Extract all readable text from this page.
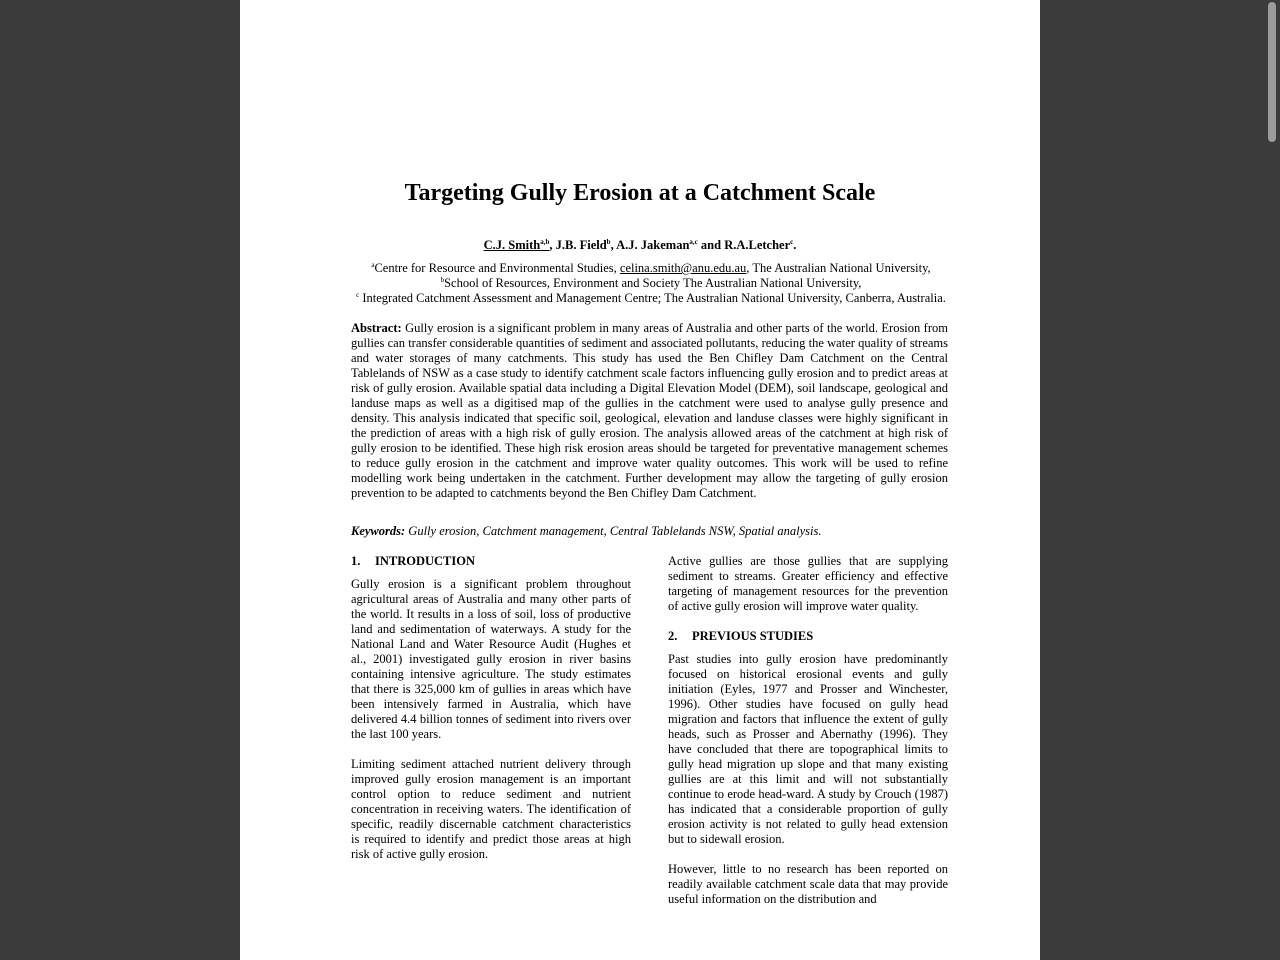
Targeting Gully Erosion at a Catchment Scale
C.J. Smith$^{a,b}$, J.B. Field$^b$, A.J. Jakeman$^{a,c}$ and R.A.Letcher$^c$.
$^a$Centre for Resource and Environmental Studies, celina.smith@anu.edu.au, The Australian National University,
$^b$School of Resources, Environment and Society The Australian National University,
$^c$ Integrated Catchment Assessment and Management Centre; The Australian National University, Canberra, Australia.

Abstract: Gully erosion is a significant problem in many areas of Australia and other parts of the world. Erosion from gullies can transfer considerable quantities of sediment and associated pollutants, reducing the water quality of streams and water storages of many catchments. This study has used the Ben Chifley Dam Catchment on the Central Tablelands of NSW as a case study to identify catchment scale factors influencing gully erosion and to predict areas at risk of gully erosion. Available spatial data including a Digital Elevation Model (DEM), soil landscape, geological and landuse maps as well as a digitised map of the gullies in the catchment were used to analyse gully presence and density. This analysis indicated that specific soil, geological, elevation and landuse classes were highly significant in the prediction of areas with a high risk of gully erosion. The analysis allowed areas of the catchment at high risk of gully erosion to be identified. These high risk erosion areas should be targeted for preventative management schemes to reduce gully erosion in the catchment and improve water quality outcomes. This work will be used to refine modelling work being undertaken in the catchment. Further development may allow the targeting of gully erosion prevention to be adapted to catchments beyond the Ben Chifley Dam Catchment.

Keywords: Gully erosion, Catchment management, Central Tablelands NSW, Spatial analysis.

1. INTRODUCTION

Gully erosion is a significant problem throughout agricultural areas of Australia and many other parts of the world. It results in a loss of soil, loss of productive land and sedimentation of waterways. A study for the National Land and Water Resource Audit (Hughes et al., 2001) investigated gully erosion in river basins containing intensive agriculture. The study estimates that there is 325,000 km of gullies in areas which have been intensively farmed in Australia, which have delivered 4.4 billion tonnes of sediment into rivers over the last 100 years.

Limiting sediment attached nutrient delivery through improved gully erosion management is an important control option to reduce sediment and nutrient concentration in receiving waters. The identification of specific, readily discernable catchment characteristics is required to identify and predict those areas at high risk of active gully erosion.

Active gullies are those gullies that are supplying sediment to streams. Greater efficiency and effective targeting of management resources for the prevention of active gully erosion will improve water quality.

2. PREVIOUS STUDIES

Past studies into gully erosion have predominantly focused on historical erosional events and gully initiation (Eyles, 1977 and Prosser and Winchester, 1996). Other studies have focused on gully head migration and factors that influence the extent of gully heads, such as Prosser and Abernathy (1996). They have concluded that there are topographical limits to gully head migration up slope and that many existing gullies are at this limit and will not substantially continue to erode head-ward. A study by Crouch (1987) has indicated that a considerable proportion of gully erosion activity is not related to gully head extension but to sidewall erosion.

However, little to no research has been reported on readily available catchment scale data that may provide useful information on the distribution and
